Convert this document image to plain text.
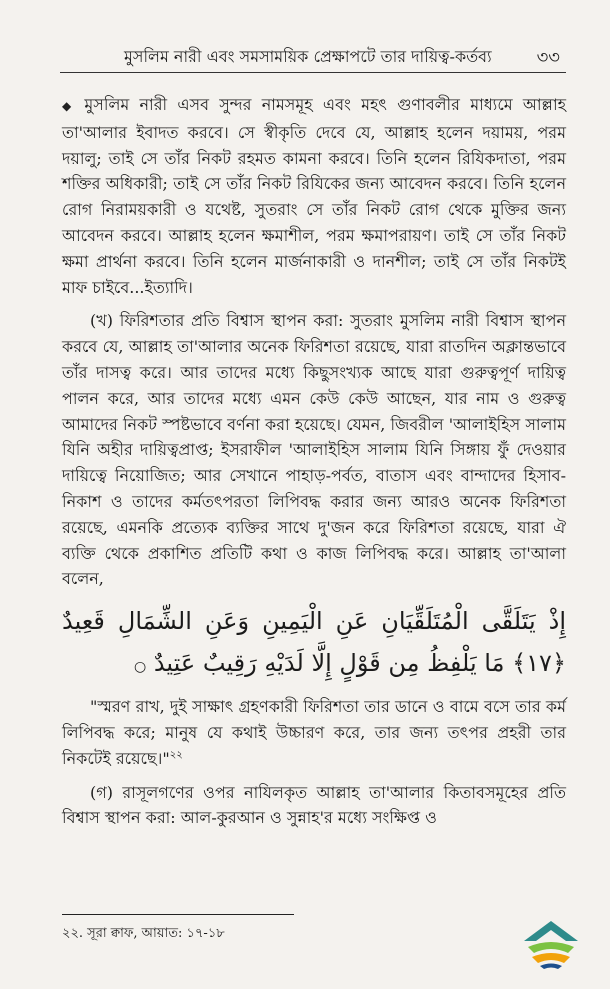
মুসলিম নারী এবং সমসাময়িক প্রেক্ষাপটে তার দায়িত্ব-কর্তব্য ৩৩

◆ মুসলিম নারী এসব সুন্দর নামসমূহ এবং মহৎ গুণাবলীর মাধ্যমে আল্লাহ তা'আলার ইবাদত করবে। সে স্বীকৃতি দেবে যে, আল্লাহ হলেন দয়াময়, পরম দয়ালু; তাই সে তাঁর নিকট রহমত কামনা করবে। তিনি হলেন রিযিকদাতা, পরম শক্তির অধিকারী; তাই সে তাঁর নিকট রিযিকের জন্য আবেদন করবে। তিনি হলেন রোগ নিরাময়কারী ও যথেষ্ট, সুতরাং সে তাঁর নিকট রোগ থেকে মুক্তির জন্য আবেদন করবে। আল্লাহ হলেন ক্ষমাশীল, পরম ক্ষমাপরায়ণ। তাই সে তাঁর নিকট ক্ষমা প্রার্থনা করবে। তিনি হলেন মার্জনাকারী ও দানশীল; তাই সে তাঁর নিকটই মাফ চাইবে...ইত্যাদি।

(খ) ফিরিশতার প্রতি বিশ্বাস স্থাপন করা: সুতরাং মুসলিম নারী বিশ্বাস স্থাপন করবে যে, আল্লাহ তা'আলার অনেক ফিরিশতা রয়েছে, যারা রাতদিন অক্লান্তভাবে তাঁর দাসত্ব করে। আর তাদের মধ্যে কিছুসংখ্যক আছে যারা গুরুত্বপূর্ণ দায়িত্ব পালন করে, আর তাদের মধ্যে এমন কেউ কেউ আছেন, যার নাম ও গুরুত্ব আমাদের নিকট স্পষ্টভাবে বর্ণনা করা হয়েছে। যেমন, জিবরীল 'আলাইহিস সালাম যিনি অহীর দায়িত্বপ্রাপ্ত; ইসরাফীল 'আলাইহিস সালাম যিনি সিঙ্গায় ফুঁ দেওয়ার দায়িত্বে নিয়োজিত; আর সেখানে পাহাড়-পর্বত, বাতাস এবং বান্দাদের হিসাব-নিকাশ ও তাদের কর্মতৎপরতা লিপিবদ্ধ করার জন্য আরও অনেক ফিরিশতা রয়েছে, এমনকি প্রত্যেক ব্যক্তির সাথে দু'জন করে ফিরিশতা রয়েছে, যারা ঐ ব্যক্তি থেকে প্রকাশিত প্রতিটি কথা ও কাজ লিপিবদ্ধ করে। আল্লাহ তা'আলা বলেন,

إِذْ يَتَلَقَّى الْمُتَلَقِّيَانِ عَنِ الْيَمِينِ وَعَنِ الشِّمَالِ قَعِيدٌ ﴿١٧﴾ مَا يَلْفِظُ مِن قَوْلٍ إِلَّا لَدَيْهِ رَقِيبٌ عَتِيدٌ ○

"স্মরণ রাখ, দুই সাক্ষাৎ গ্রহণকারী ফিরিশতা তার ডানে ও বামে বসে তার কর্ম লিপিবদ্ধ করে; মানুষ যে কথাই উচ্চারণ করে, তার জন্য তৎপর প্রহরী তার নিকটেই রয়েছে।"$^{২২}$

(গ) রাসূলগণের ওপর নাযিলকৃত আল্লাহ তা'আলার কিতাবসমূহের প্রতি বিশ্বাস স্থাপন করা: আল-কুরআন ও সুন্নাহ'র মধ্যে সংক্ষিপ্ত ও

২২. সূরা ক্বাফ, আয়াত: ১৭-১৮
